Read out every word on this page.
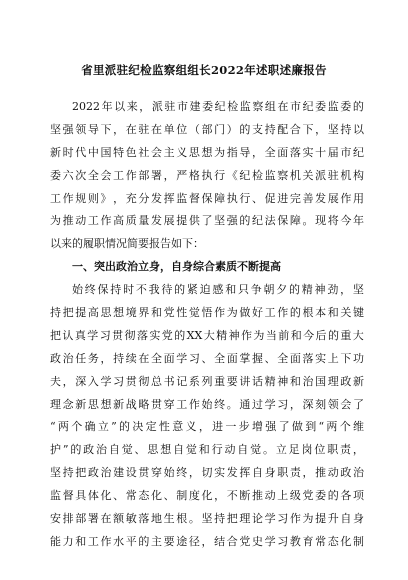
省里派驻纪检监察组组长2022年述职述廉报告
2022 年 以 来 ， 派 驻 市 建 委 纪 检 监 察 组 在 市 纪 委 监 委 的
坚 强 领 导 下 ， 在 驻 在 单 位 （ 部 门 ） 的 支 持 配 合 下 ， 坚 持 以
新 时 代 中 国 特 色 社 会 主 义 思 想 为 指 导 ， 全 面 落 实 十 届 市 纪
委 六 次 全 会 工 作 部 署 ， 严 格 执 行 《 纪 检 监 察 机 关 派 驻 机 构
工 作 规 则 》 ， 充 分 发 挥 监 督 保 障 执 行 、 促 进 完 善 发 展 作 用
为 推 动 工 作 高 质 量 发 展 提 供 了 坚 强 的 纪 法 保 障 。 现 将 今 年
以来的履职情况简要报告如下：
一、突出政治立身，自身综合素质不断提高
始 终 保 持 时 不 我 待 的 紧 迫 感 和 只 争 朝 夕 的 精 神 劲 ， 坚
持 把 提 高 思 想 境 界 和 党 性 觉 悟 作 为 做 好 工 作 的 根 本 和 关 键
把 认 真 学 习 贯 彻 落 实 党 的 XX 大 精 神 作 为 当 前 和 今 后 的 重 大
政 治 任 务 ， 持 续 在 全 面 学 习 、 全 面 掌 握 、 全 面 落 实 上 下 功
夫 ， 深 入 学 习 贯 彻 总 书 记 系 列 重 要 讲 话 精 神 和 治 国 理 政 新
理 念 新 思 想 新 战 略 贯 穿 工 作 始 终 。 通 过 学 习 ， 深 刻 领 会 了
“ 两 个 确 立 ” 的 决 定 性 意 义 ， 进 一 步 增 强 了 做 到 “ 两 个 维
护 ” 的 政 治 自 觉 、 思 想 自 觉 和 行 动 自 觉 。 立 足 岗 位 职 责 ，
坚 持 把 政 治 建 设 贯 穿 始 终 ， 切 实 发 挥 自 身 职 责 ， 推 动 政 治
监 督 具 体 化 、 常 态 化 、 制 度 化 ， 不 断 推 动 上 级 党 委 的 各 项
安 排 部 署 在 额 敏 落 地 生 根 。 坚 持 把 理 论 学 习 作 为 提 升 自 身
能 力 和 工 作 水 平 的 主 要 途 径 ， 结 合 党 史 学 习 教 育 常 态 化 制
